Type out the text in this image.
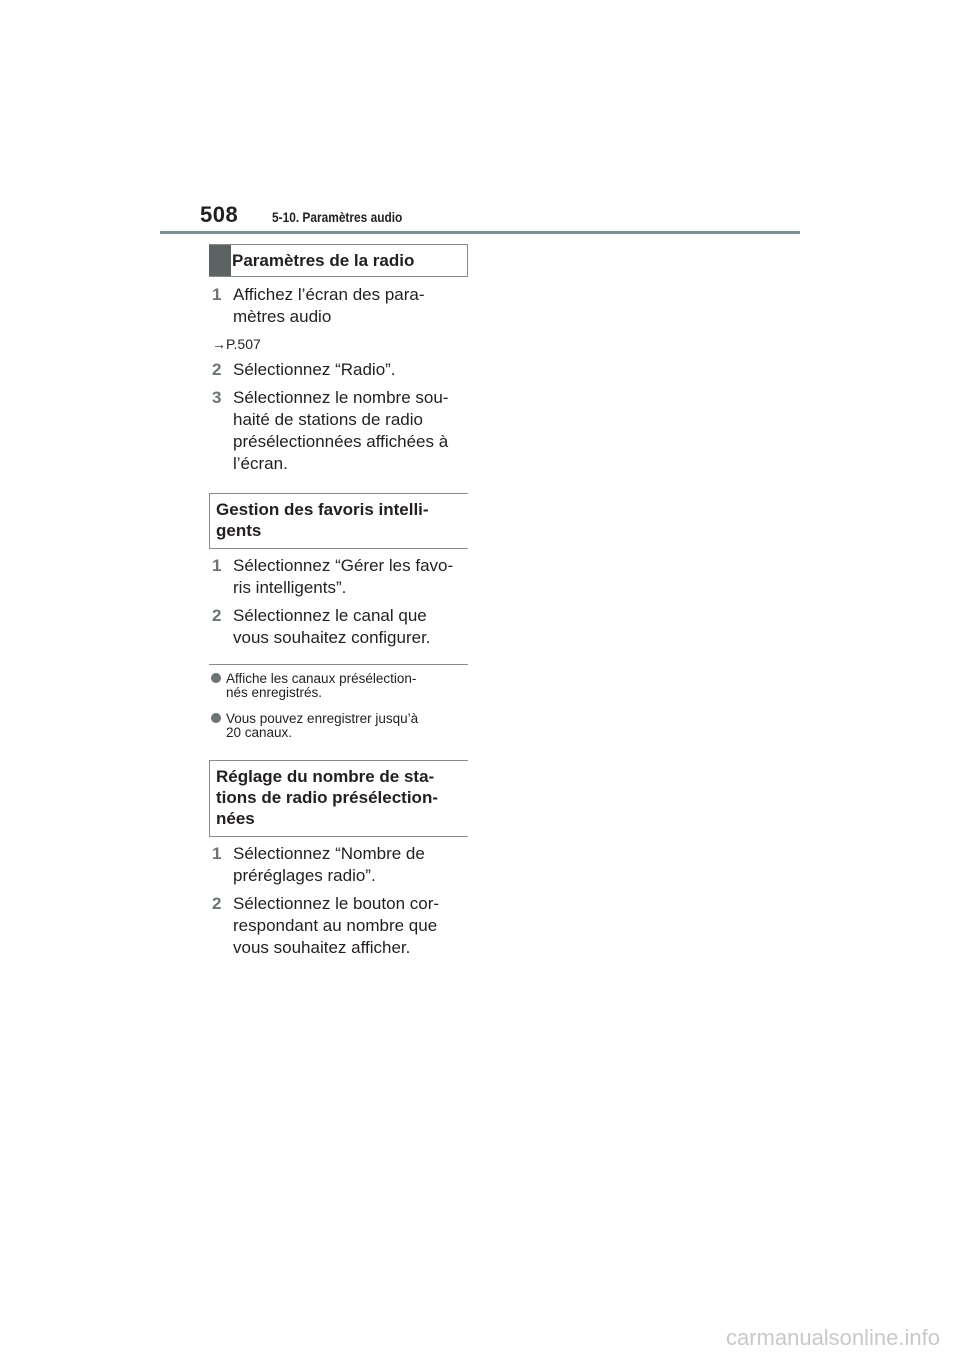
508 5-10. Paramètres audio
Paramètres de la radio
1 Affichez l’écran des para-
mètres audio
→P.507
2 Sélectionnez “Radio”.
3 Sélectionnez le nombre sou-
haité de stations de radio
présélectionnées affichées à
l’écran.
Gestion des favoris intelli-
gents
1 Sélectionnez “Gérer les favo-
ris intelligents”.
2 Sélectionnez le canal que
vous souhaitez configurer.
Affiche les canaux présélection-
nés enregistrés.
Vous pouvez enregistrer jusqu’à
20 canaux.
Réglage du nombre de sta-
tions de radio présélection-
nées
1 Sélectionnez “Nombre de
préréglages radio”.
2 Sélectionnez le bouton cor-
respondant au nombre que
vous souhaitez afficher.
carmanualsonline.info
